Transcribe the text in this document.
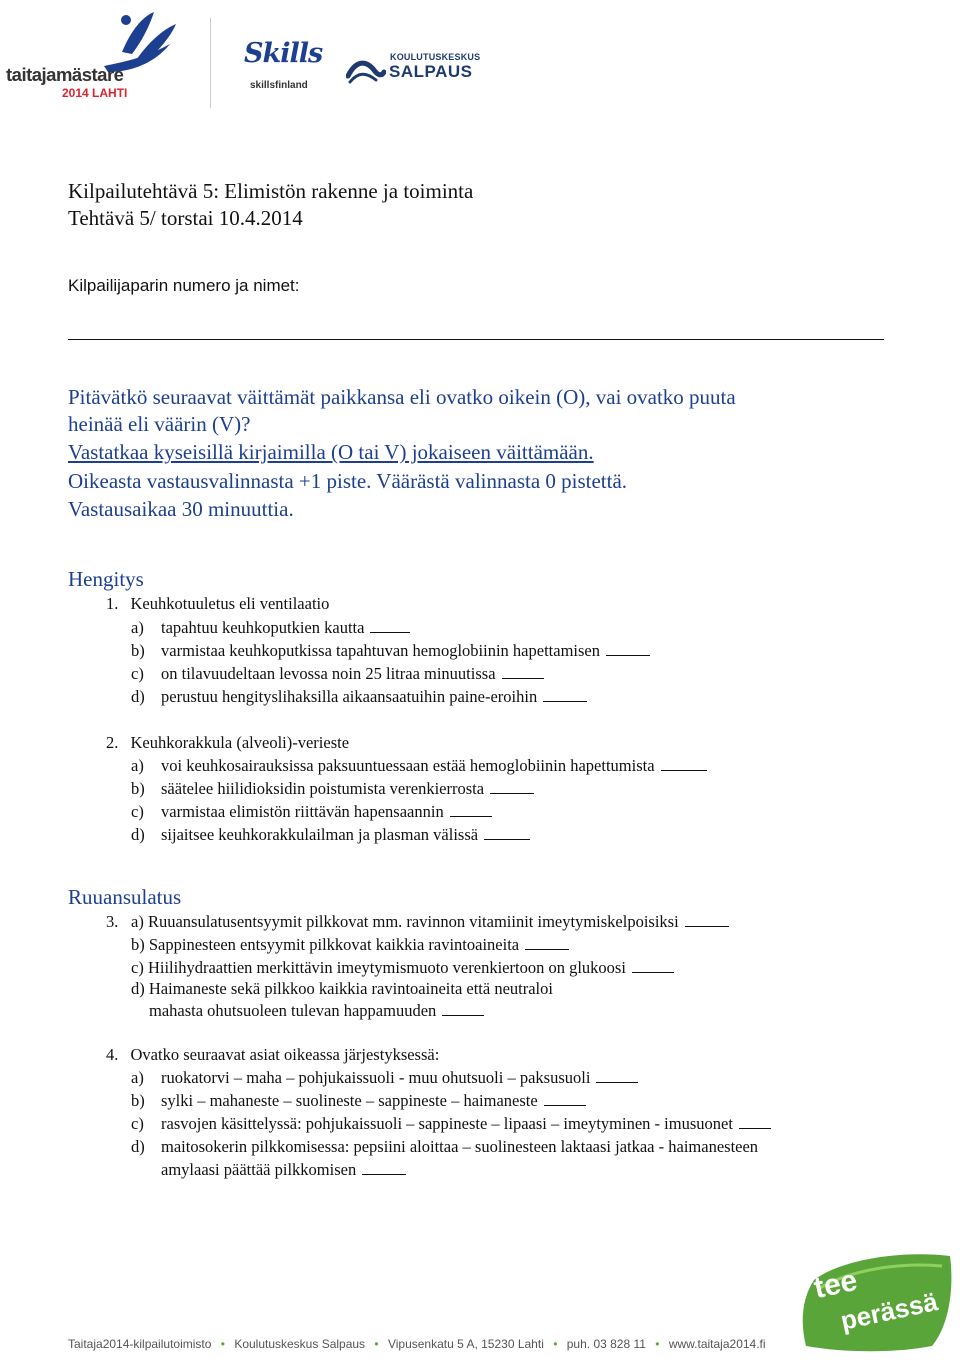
taitajamästare
2014 LAHTI
Skills
skillsfinland
KOULUTUSKESKUS
SALPAUS
Kilpailutehtävä 5: Elimistön rakenne ja toiminta
Tehtävä 5/ torstai 10.4.2014
Kilpailijaparin numero ja nimet:
Pitävätkö seuraavat väittämät paikkansa eli ovatko oikein (O), vai ovatko puuta
heinää eli väärin (V)?
Vastatkaa kyseisillä kirjaimilla (O tai V) jokaiseen väittämään.
Oikeasta vastausvalinnasta +1 piste. Väärästä valinnasta 0 pistettä.
Vastausaikaa 30 minuuttia.
Hengitys
1. Keuhkotuuletus eli ventilaatio
a) tapahtuu keuhkoputkien kautta
b) varmistaa keuhkoputkissa tapahtuvan hemoglobiinin hapettamisen
c) on tilavuudeltaan levossa noin 25 litraa minuutissa
d) perustuu hengityslihaksilla aikaansaatuihin paine-eroihin
2. Keuhkorakkula (alveoli)-verieste
a) voi keuhkosairauksissa paksuuntuessaan estää hemoglobiinin hapettumista
b) säätelee hiilidioksidin poistumista verenkierrosta
c) varmistaa elimistön riittävän hapensaannin
d) sijaitsee keuhkorakkulailman ja plasman välissä
Ruuansulatus
3. a) Ruuansulatusentsyymit pilkkovat mm. ravinnon vitamiinit imeytymiskelpoisiksi
b) Sappinesteen entsyymit pilkkovat kaikkia ravintoaineita
c) Hiilihydraattien merkittävin imeytymismuoto verenkiertoon on glukoosi
d) Haimaneste sekä pilkkoo kaikkia ravintoaineita että neutraloi
mahasta ohutsuoleen tulevan happamuuden
4. Ovatko seuraavat asiat oikeassa järjestyksessä:
a) ruokatorvi – maha – pohjukaissuoli - muu ohutsuoli – paksusuoli
b) sylki – mahaneste – suolineste – sappineste – haimaneste
c) rasvojen käsittelyssä: pohjukaissuoli – sappineste – lipaasi – imeytyminen - imusuonet
d) maitosokerin pilkkomisessa: pepsiini aloittaa – suolinesteen laktaasi jatkaa - haimanesteen
amylaasi päättää pilkkomisen
tee
perässä
Taitaja2014-kilpailutoimisto • Koulutuskeskus Salpaus • Vipusenkatu 5 A, 15230 Lahti • puh. 03 828 11 • www.taitaja2014.fi
